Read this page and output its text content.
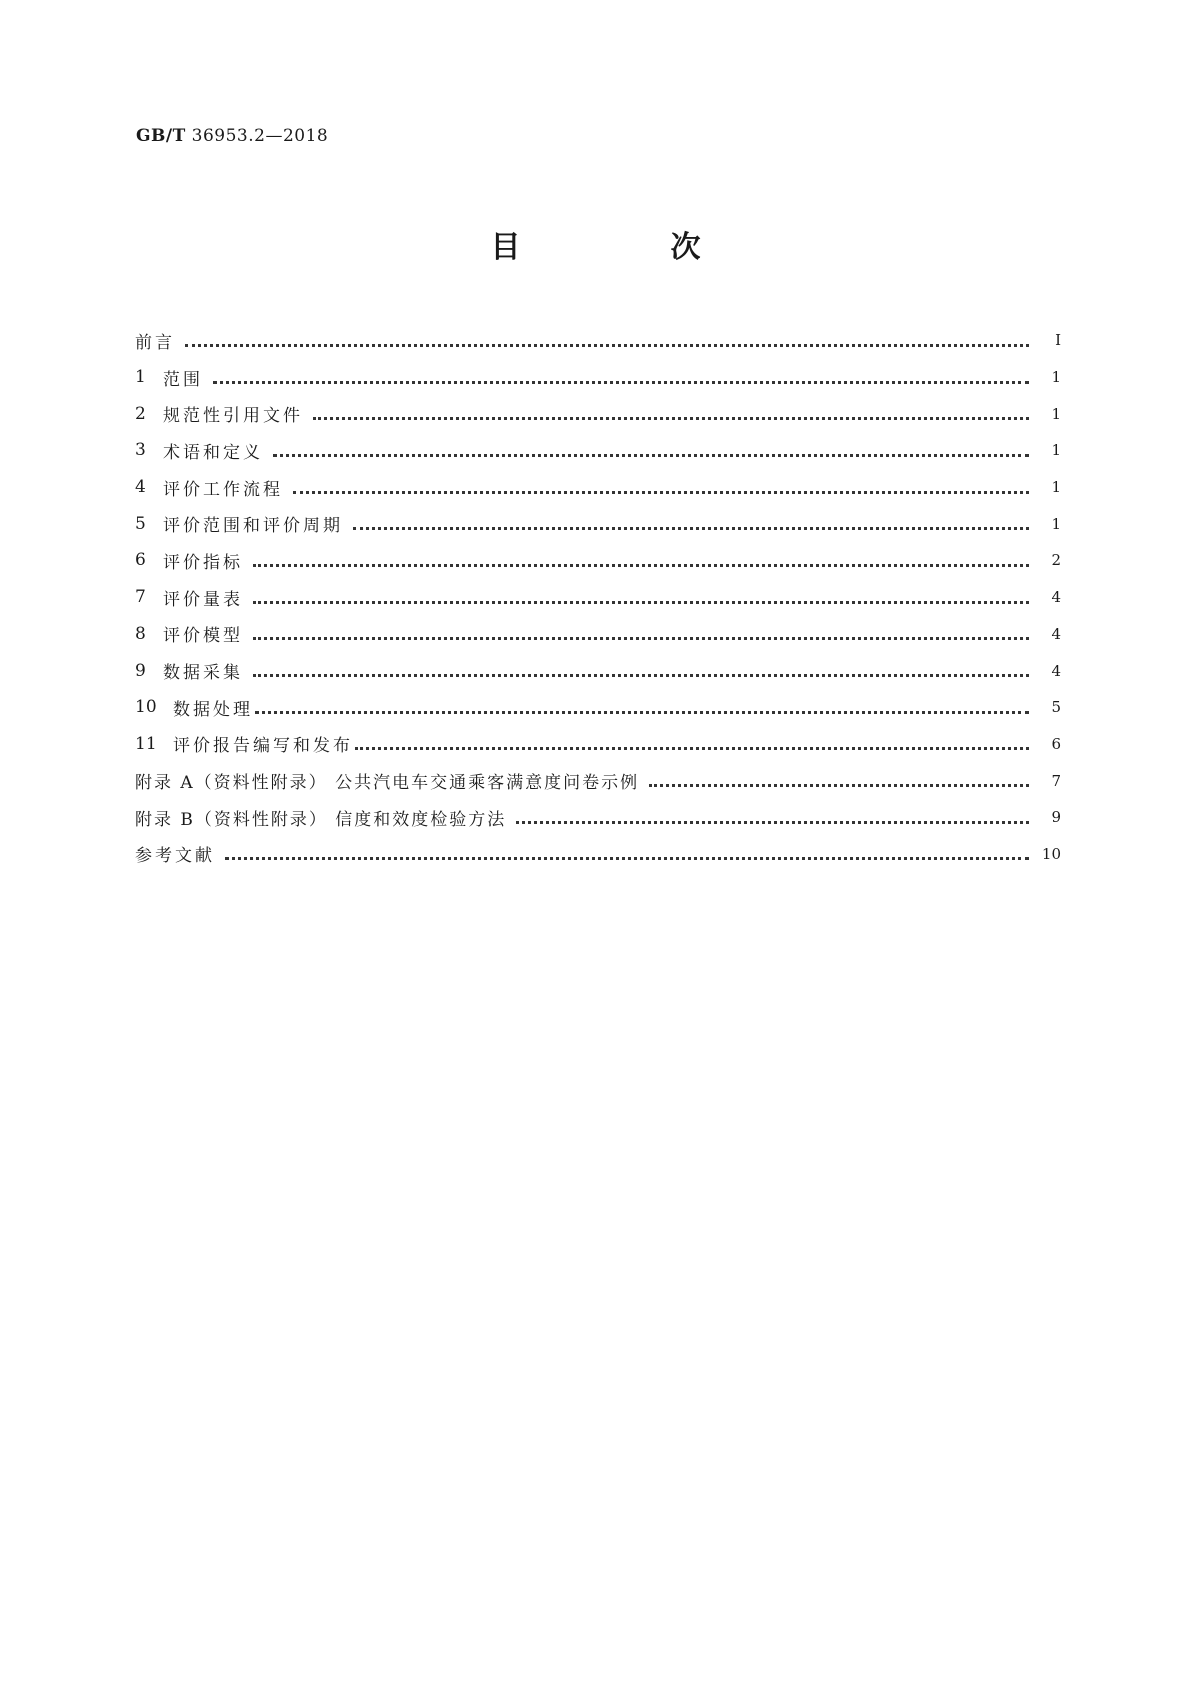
GB/T 36953.2—2018
目　次
前言	Ⅰ
1	范围	1
2	规范性引用文件	1
3	术语和定义	1
4	评价工作流程	1
5	评价范围和评价周期	1
6	评价指标	2
7	评价量表	4
8	评价模型	4
9	数据采集	4
10 数据处理	5
11 评价报告编写和发布	6
附录 A（资料性附录） 公共汽电车交通乘客满意度问卷示例	7
附录 B（资料性附录） 信度和效度检验方法	9
参考文献	10
